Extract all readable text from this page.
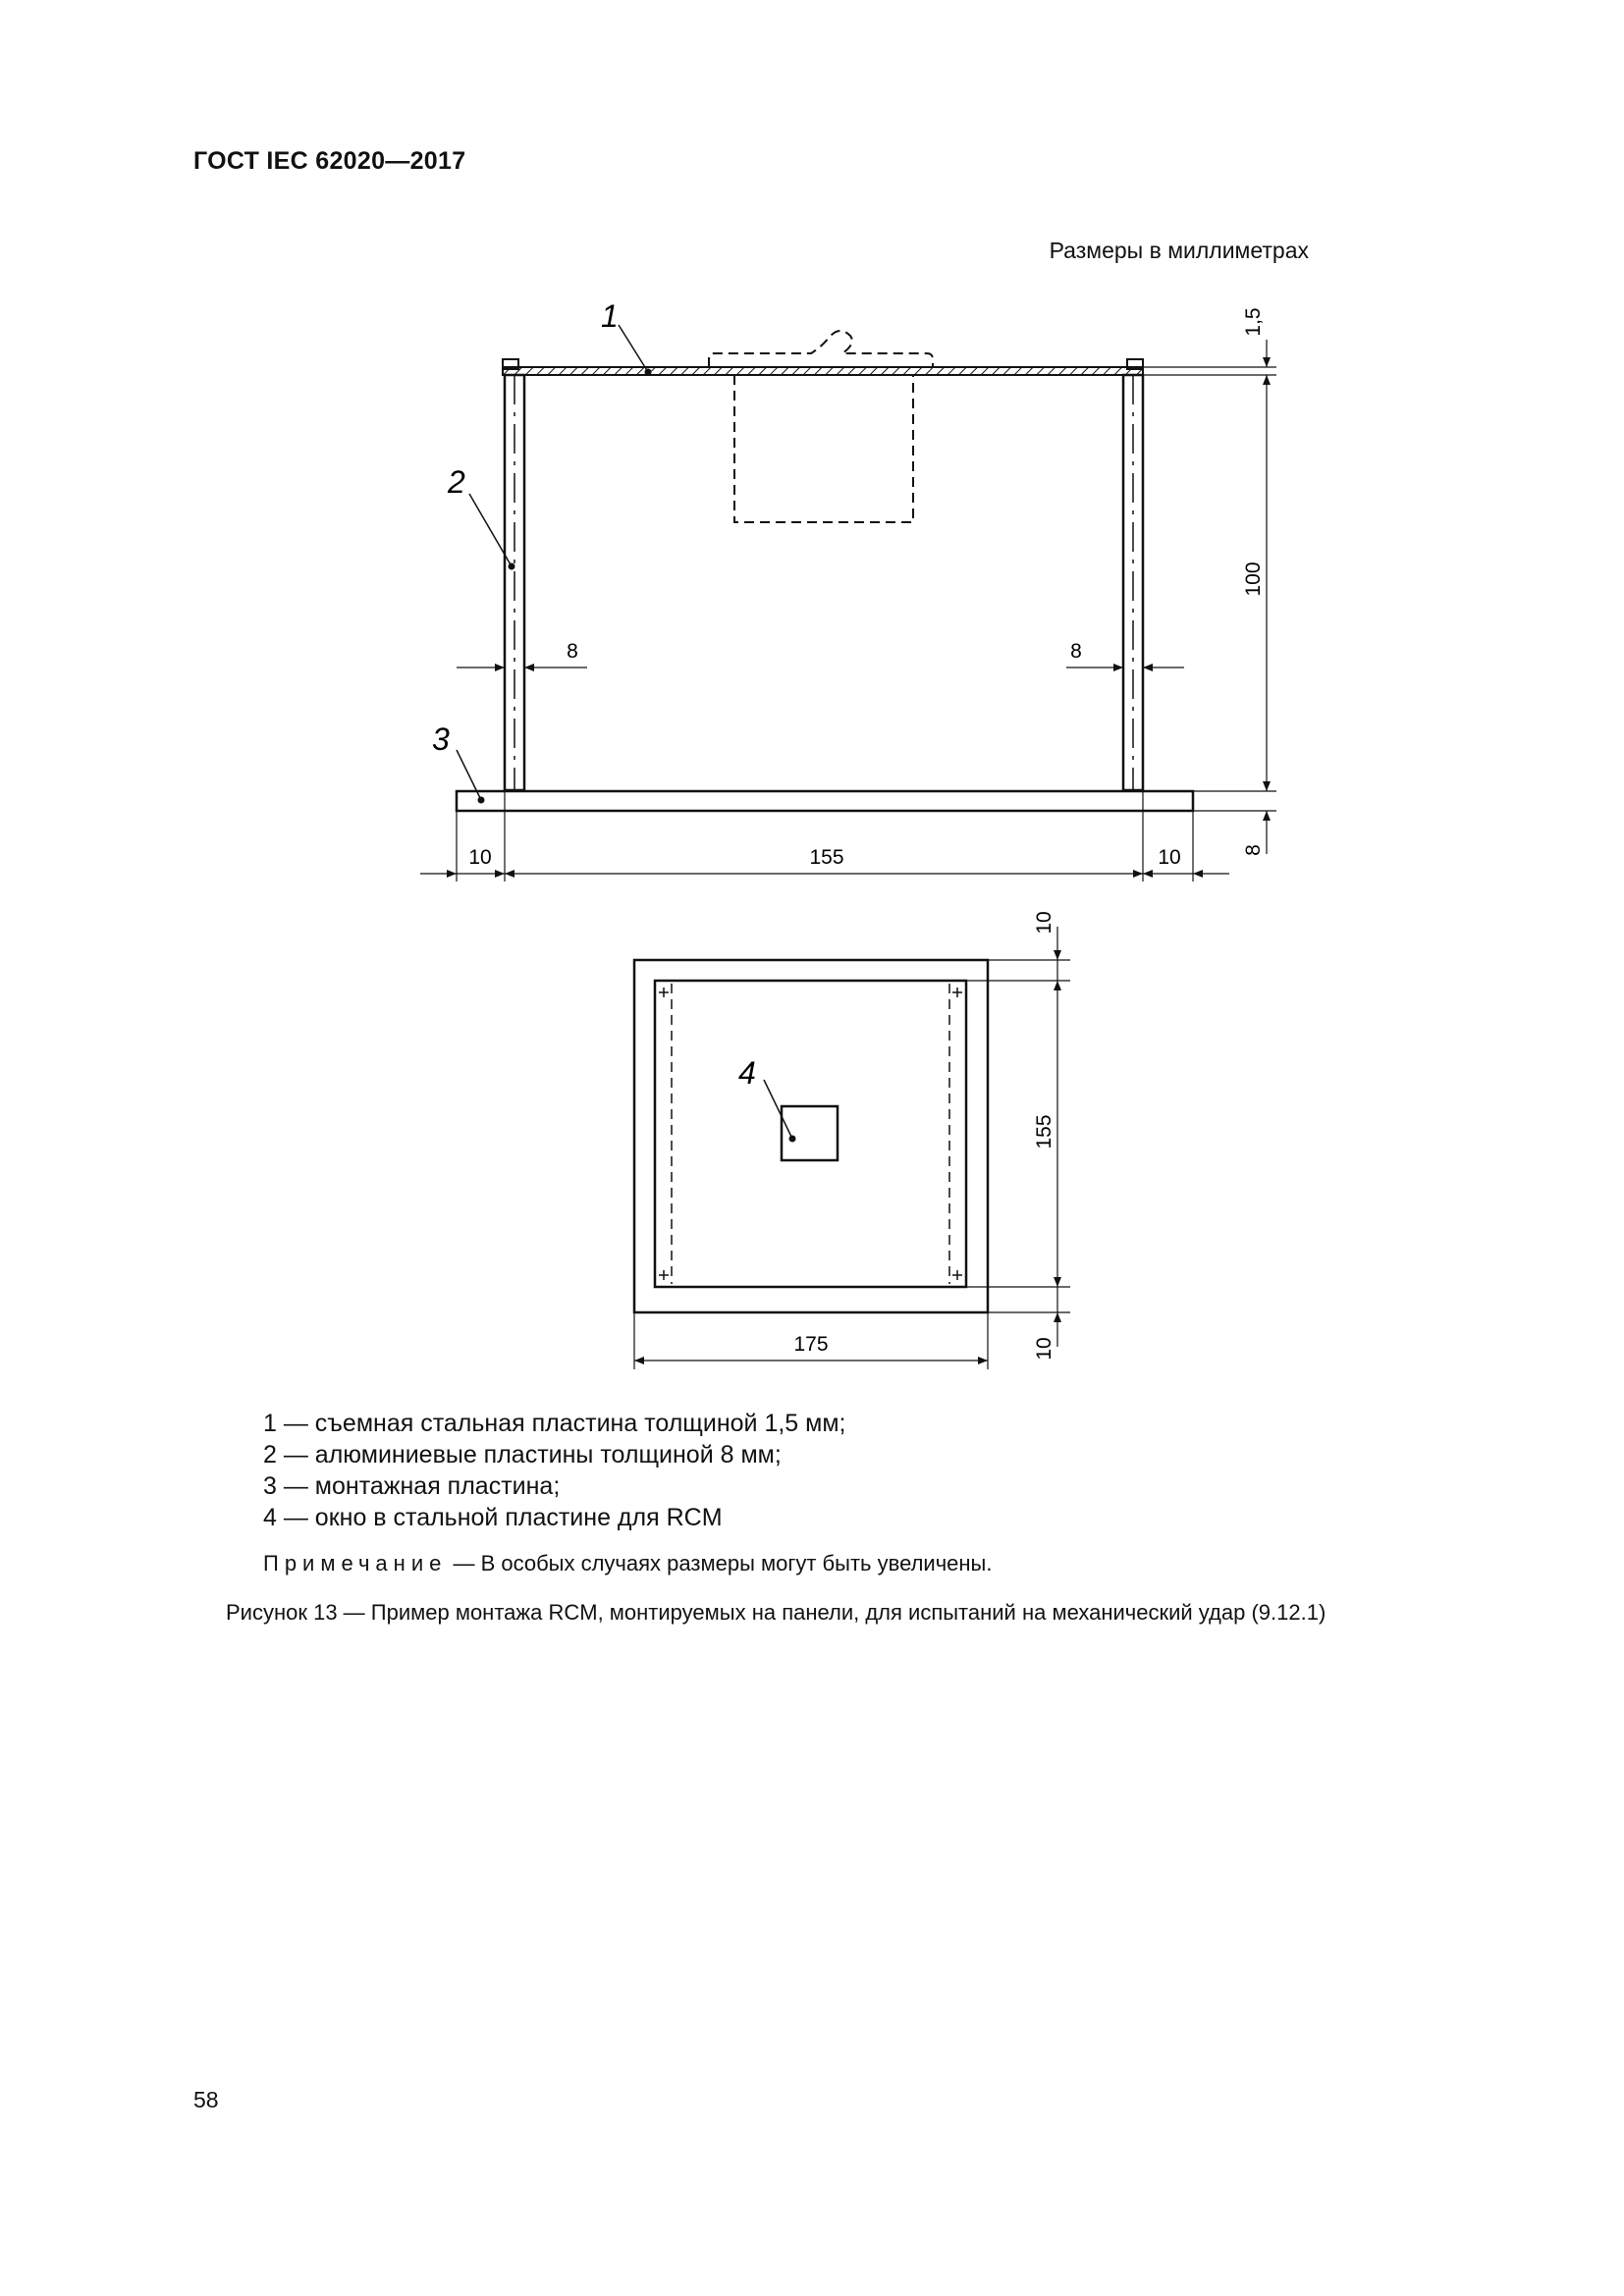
ГОСТ IEC 62020—2017
Размеры в миллиметрах
1
2
3
1,5
100
8
8	8
10	155	10
4
10
155
10
175
1 — съемная стальная пластина толщиной 1,5 мм;
2 — алюминиевые пластины толщиной 8 мм;
3 — монтажная пластина;
4 — окно в стальной пластине для RCM
Примечание — В особых случаях размеры могут быть увеличены.
Рисунок 13 — Пример монтажа RCM, монтируемых на панели, для испытаний на механический удар (9.12.1)
58
